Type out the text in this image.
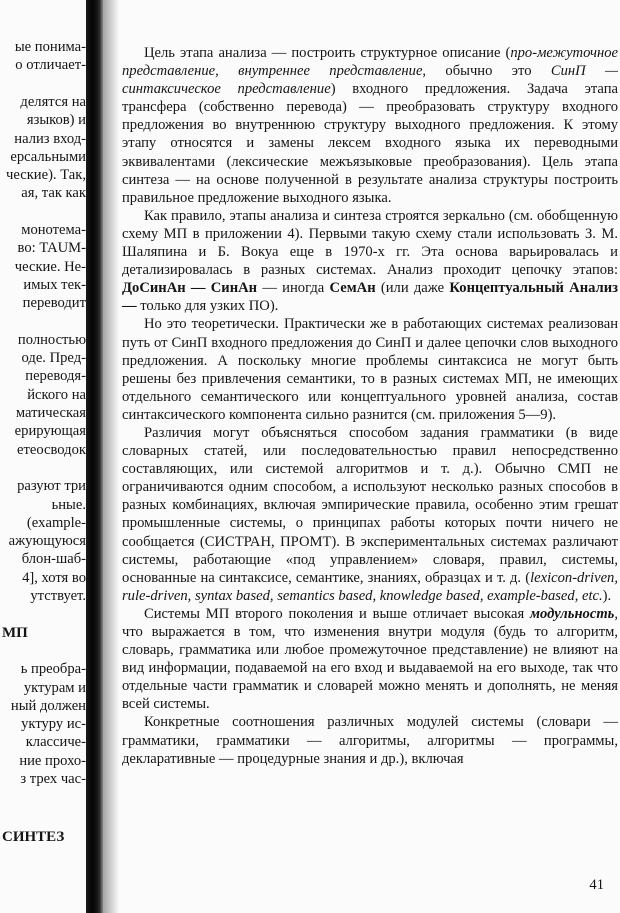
ые понима-
о отличает-
делятся на
языков) и
нализ вход-
ерсальными
ческие). Так,
ая, так как
монотема-
во: TAUM-
ческие. Не-
имых тек-
переводит
полностью
оде. Пред-
переводя-
йского на
матическая
ерирующая
етеосводок
разуют три
ьные.
(example-
ажующуюся
блон-шаб-
4], хотя во
утствует.
МП
ь преобра-
уктурам и
ный должен
уктуру ис-
классиче-
ние прохо-
з трех час-
СИНТЕЗ

Цель этапа анализа — построить структурное описание (про-межуточное представление, внутреннее представление, обычно это СинП — синтаксическое представление) входного предложения. Задача этапа трансфера (собственно перевода) — преобразовать структуру входного предложения во внутреннюю структуру выходного предложения. К этому этапу относятся и замены лексем входного языка их переводными эквивалентами (лексические межъязыковые преобразования). Цель этапа синтеза — на основе полученной в результате анализа структуры построить правильное предложение выходного языка.

Как правило, этапы анализа и синтеза строятся зеркально (см. обобщенную схему МП в приложении 4). Первыми такую схему стали использовать З. М. Шаляпина и Б. Вокуа еще в 1970-х гг. Эта основа варьировалась и детализировалась в разных системах. Анализ проходит цепочку этапов: ДоСинАн — СинАн — иногда СемАн (или даже Концептуальный Анализ — только для узких ПО).

Но это теоретически. Практически же в работающих системах реализован путь от СинП входного предложения до СинП и далее цепочки слов выходного предложения. А поскольку многие проблемы синтаксиса не могут быть решены без привлечения семантики, то в разных системах МП, не имеющих отдельного семантического или концептуального уровней анализа, состав синтаксического компонента сильно разнится (см. приложения 5—9).

Различия могут объясняться способом задания грамматики (в виде словарных статей, или последовательностью правил непосредственно составляющих, или системой алгоритмов и т. д.). Обычно СМП не ограничиваются одним способом, а используют несколько разных способов в разных комбинациях, включая эмпирические правила, особенно этим грешат промышленные системы, о принципах работы которых почти ничего не сообщается (СИСТРАН, ПРОМТ). В экспериментальных системах различают системы, работающие «под управлением» словаря, правил, системы, основанные на синтаксисе, семантике, знаниях, образцах и т. д. (lexicon-driven, rule-driven, syntax based, semantics based, knowledge based, example-based, etc.).

Системы МП второго поколения и выше отличает высокая модульность, что выражается в том, что изменения внутри модуля (будь то алгоритм, словарь, грамматика или любое промежуточное представление) не влияют на вид информации, подаваемой на его вход и выдаваемой на его выходе, так что отдельные части грамматик и словарей можно менять и дополнять, не меняя всей системы.

Конкретные соотношения различных модулей системы (словари — грамматики, грамматики — алгоритмы, алгоритмы — программы, декларативные — процедурные знания и др.), включая

41
